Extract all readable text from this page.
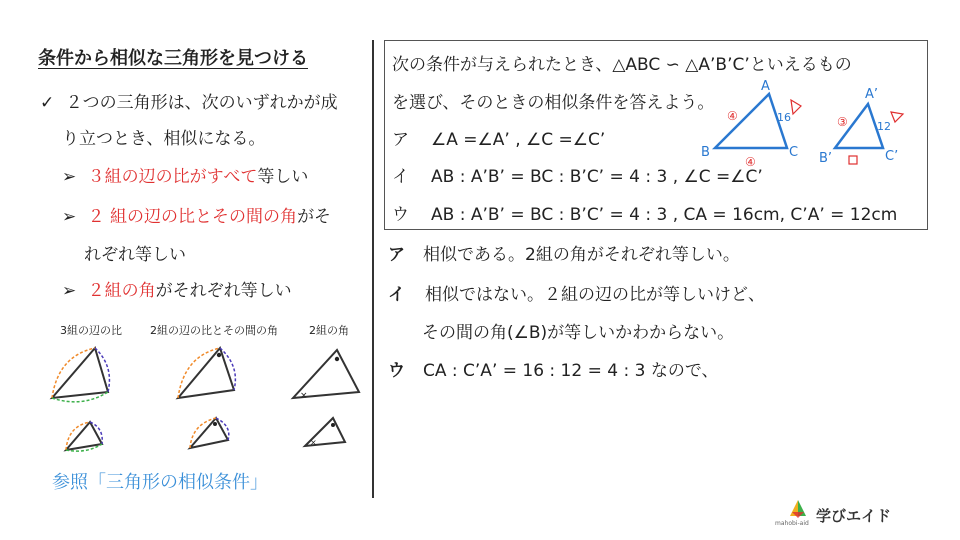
条件から相似な三角形を見つける
✓ ２つの三角形は、次のいずれかが成
り立つとき、相似になる。
➢ ３組の辺の比がすべて等しい
➢ ２ 組の辺の比とその間の角がそ
れぞれ等しい
➢ ２組の角がそれぞれ等しい
3組の辺の比	2組の辺の比とその間の角	2組の角
×
×
参照「三角形の相似条件」
次の条件が与えられたとき、△ABC ∽ △A’B’C’といえるもの
を選び、そのときの相似条件を答えよう。
ア ∠A =∠A’ , ∠C =∠C’
イ AB : A’B’ = BC : B’C’ = 4 : 3 , ∠C =∠C’
ウ AB : A’B’ = BC : B’C’ = 4 : 3 , CA = 16cm, C’A’ = 12cm
A
B	C
④	16
④
A’
B’	C’
③	12
ア 相似である。2組の角がそれぞれ等しい。
イ 相似ではない。２組の辺の比が等しいけど、
その間の角(∠B)が等しいかわからない。
ウ CA : C’A’ = 16 : 12 = 4 : 3 なので、
mahobi-aid 学びエイド
